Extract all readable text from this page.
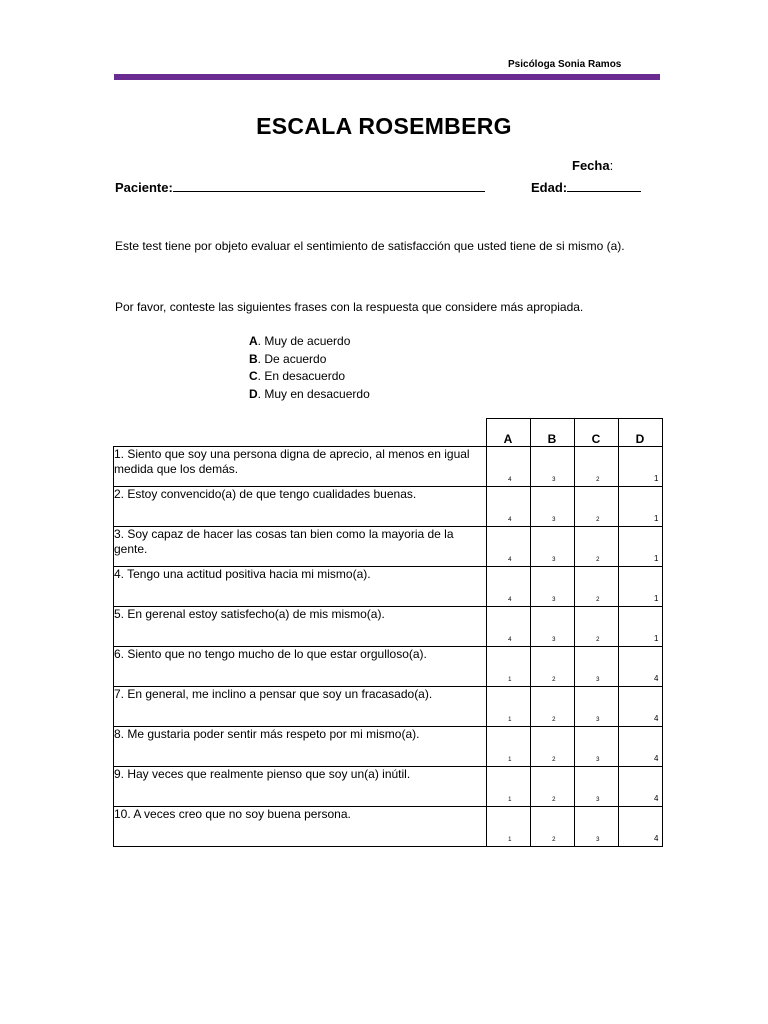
Psicóloga Sonia Ramos
ESCALA ROSEMBERG
Fecha:
Paciente:	Edad:
Este test tiene por objeto evaluar el sentimiento de satisfacción que usted tiene de si mismo (a).
Por favor, conteste las siguientes frases con la respuesta que considere más apropiada.
A. Muy de acuerdo
B. De acuerdo
C. En desacuerdo
D. Muy en desacuerdo
	A	B	C	D
1. Siento que soy una persona digna de aprecio, al menos en igual medida que los demás.	4	3	2	1

2. Estoy convencido(a) de que tengo cualidades buenas.	4	3	2	1

3. Soy capaz de hacer las cosas tan bien como la mayoria de la gente.	4	3	2	1

4. Tengo una actitud positiva hacia mi mismo(a).	4	3	2	1

5. En gerenal estoy satisfecho(a) de mis mismo(a).	4	3	2	1

6. Siento que no tengo mucho de lo que estar orgulloso(a).	1	2	3	4

7. En general, me inclino a pensar que soy un fracasado(a).	1	2	3	4

8. Me gustaria poder sentir más respeto por mi mismo(a).	1	2	3	4

9. Hay veces que realmente pienso que soy un(a) inútil.	1	2	3	4

10. A veces creo que no soy buena persona.	1	2	3	4
